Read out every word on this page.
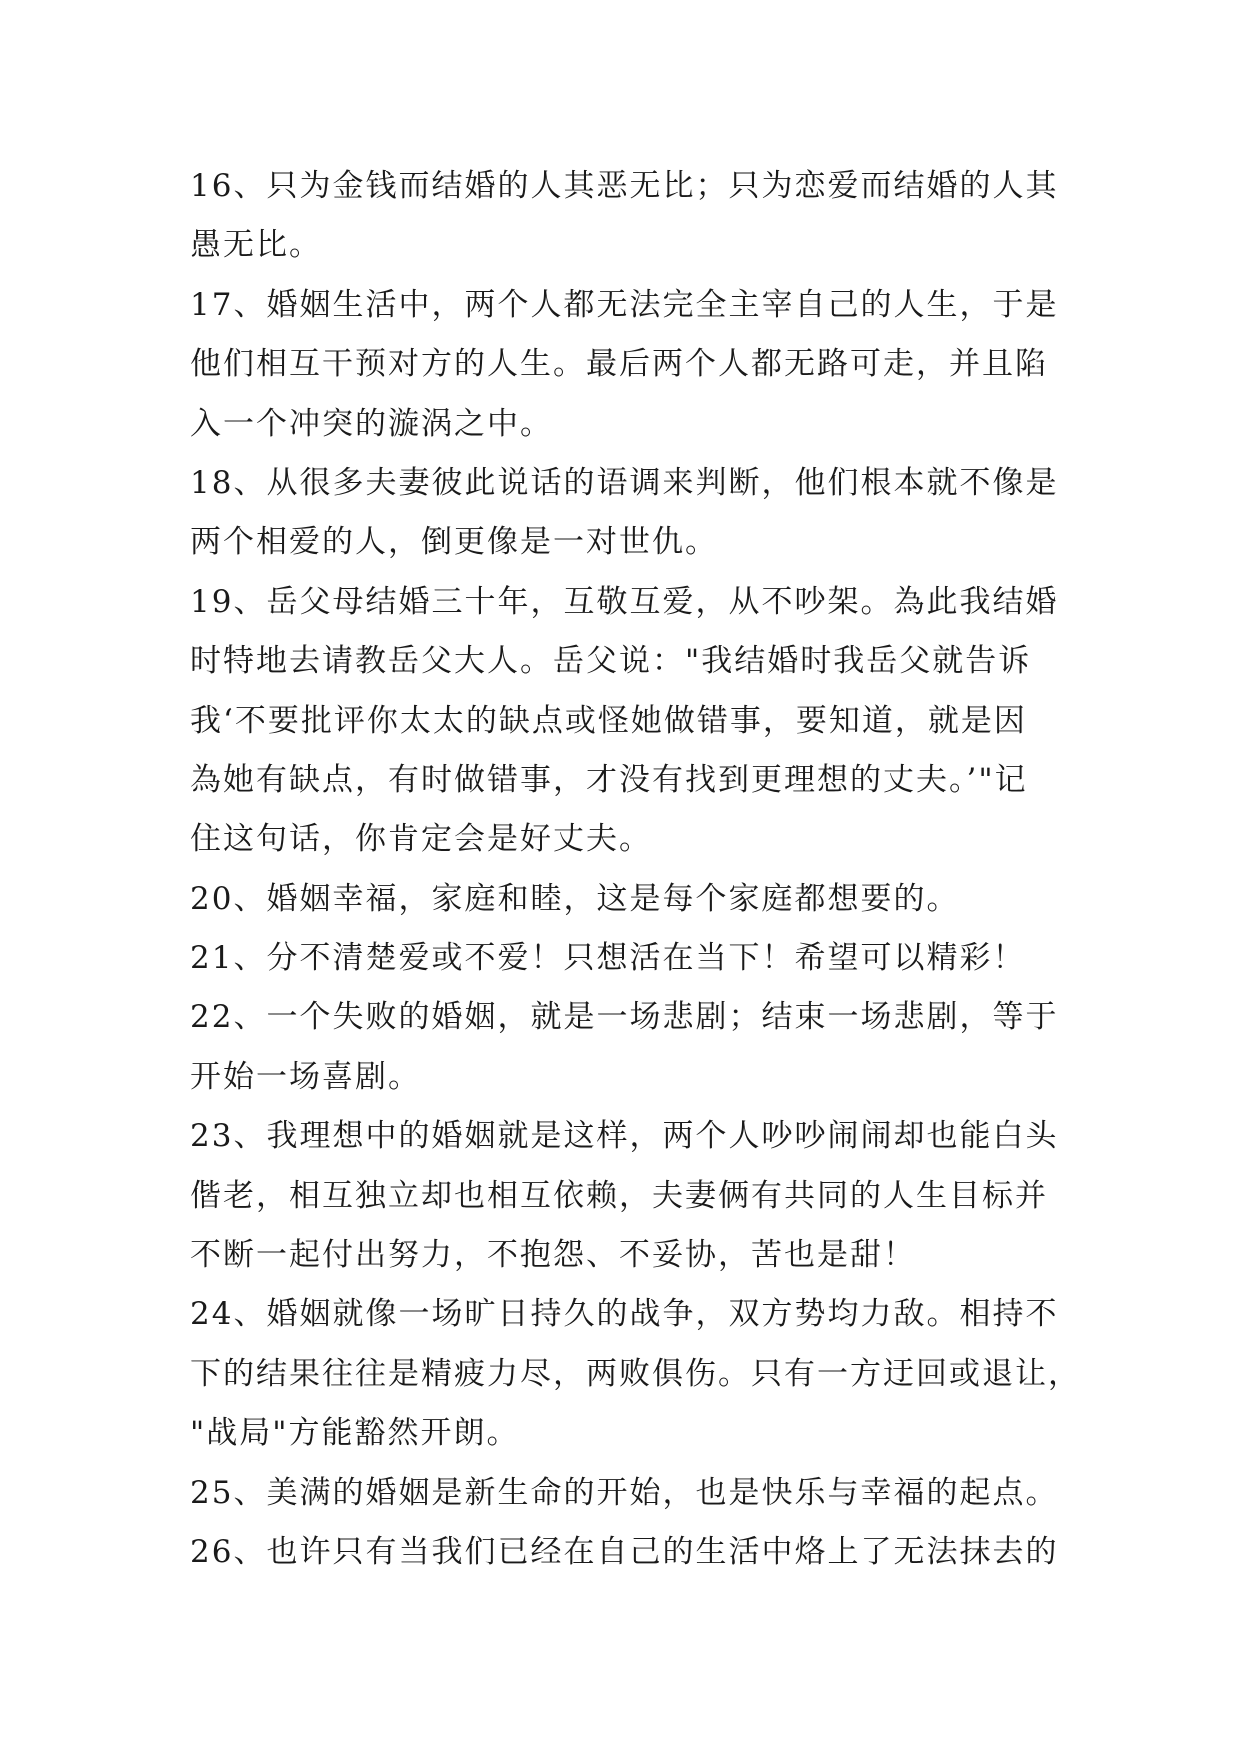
16、只为金钱而结婚的人其恶无比；只为恋爱而结婚的人其
愚无比。
17、婚姻生活中，两个人都无法完全主宰自己的人生，于是
他们相互干预对方的人生。最后两个人都无路可走，并且陷
入一个冲突的漩涡之中。
18、从很多夫妻彼此说话的语调来判断，他们根本就不像是
两个相爱的人，倒更像是一对世仇。
19、岳父母结婚三十年，互敬互爱，从不吵架。為此我结婚
时特地去请教岳父大人。岳父说："我结婚时我岳父就告诉
我‘不要批评你太太的缺点或怪她做错事，要知道，就是因
為她有缺点，有时做错事，才没有找到更理想的丈夫。’"记
住这句话，你肯定会是好丈夫。
20、婚姻幸福，家庭和睦，这是每个家庭都想要的。
21、分不清楚爱或不爱！只想活在当下！希望可以精彩！
22、一个失败的婚姻，就是一场悲剧；结束一场悲剧，等于
开始一场喜剧。
23、我理想中的婚姻就是这样，两个人吵吵闹闹却也能白头
偕老，相互独立却也相互依赖，夫妻俩有共同的人生目标并
不断一起付出努力，不抱怨、不妥协，苦也是甜！
24、婚姻就像一场旷日持久的战争，双方势均力敌。相持不
下的结果往往是精疲力尽，两败俱伤。只有一方迂回或退让，
"战局"方能豁然开朗。
25、美满的婚姻是新生命的开始，也是快乐与幸福的起点。
26、也许只有当我们已经在自己的生活中烙上了无法抹去的
